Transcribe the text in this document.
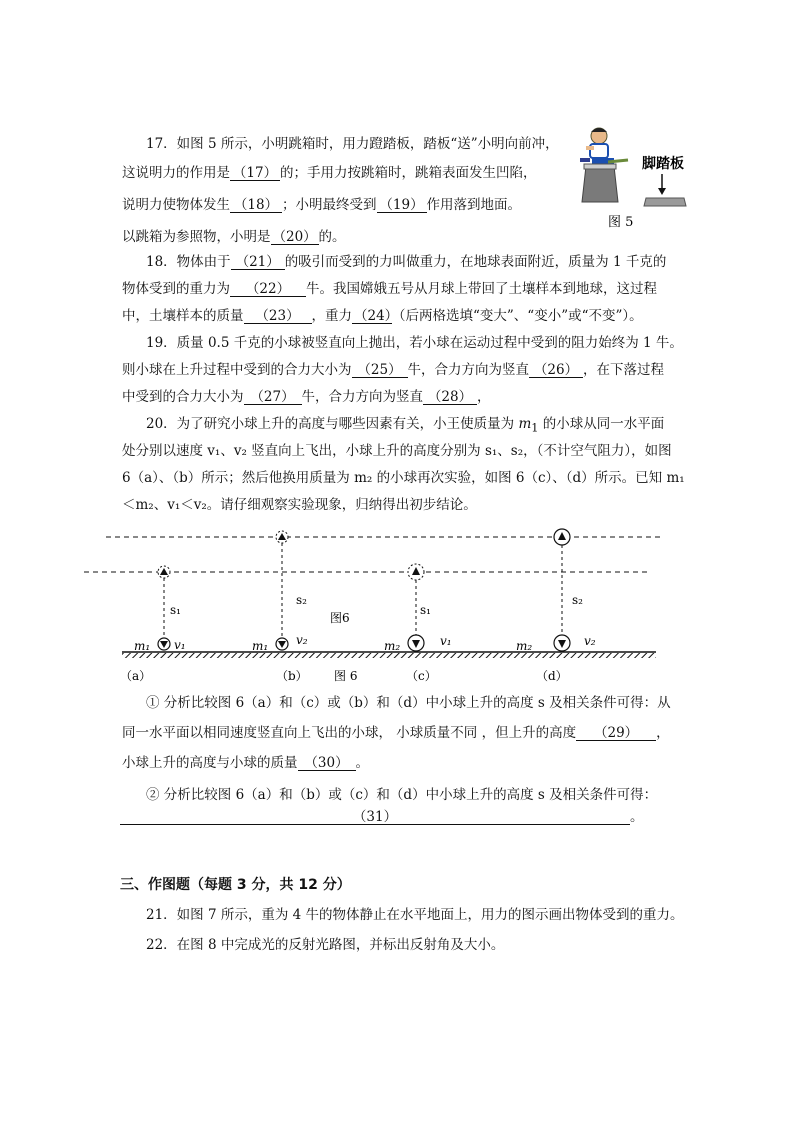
17．如图 5 所示，小明跳箱时，用力蹬踏板，踏板“送”小明向前冲，
这说明力的作用是 （17） 的；手用力按跳箱时，跳箱表面发生凹陷，
说明力使物体发生 （18） ；小明最终受到 （19） 作用落到地面。
以跳箱为参照物，小明是 （20） 的。
脚踏板
图 5
18．物体由于 （21） 的吸引而受到的力叫做重力，在地球表面附近，质量为 1 千克的
物体受到的重力为 （22） 牛。我国嫦娥五号从月球上带回了土壤样本到地球，这过程
中，土壤样本的质量 （23） ，重力 （24）（后两格选填“变大”、“变小”或“不变”）。
19．质量 0.5 千克的小球被竖直向上抛出，若小球在运动过程中受到的阻力始终为 1 牛。
则小球在上升过程中受到的合力大小为 （25） 牛，合力方向为竖直 （26） ，在下落过程
中受到的合力大小为 （27） 牛，合力方向为竖直 （28） ，
20．为了研究小球上升的高度与哪些因素有关，小王使质量为 $m_1$ 的小球从同一水平面
处分别以速度 v₁、v₂ 竖直向上飞出，小球上升的高度分别为 s₁、s₂，（不计空气阻力），如图
6（a）、（b）所示；然后他换用质量为 m₂ 的小球再次实验，如图 6（c）、（d）所示。已知 m₁
＜m₂、v₁＜v₂。请仔细观察实验现象，归纳得出初步结论。
s₁
m₁ v₁
s₂
m₁ v₂
图6
s₁
m₂	v₁
s₂
m₂	v₂
（a）	（b） 图 6	（c）	（d）
① 分析比较图 6（a）和（c）或（b）和（d）中小球上升的高度 s 及相关条件可得：从
同一水平面以相同速度竖直向上飞出的小球， 小球质量不同 ，但上升的高度 （29） ，
小球上升的高度与小球的质量 （30） 。
② 分析比较图 6（a）和（b）或（c）和（d）中小球上升的高度 s 及相关条件可得：
（31）	。
三、作图题（每题 3 分，共 12 分）
21．如图 7 所示，重为 4 牛的物体静止在水平地面上，用力的图示画出物体受到的重力。
22．在图 8 中完成光的反射光路图，并标出反射角及大小。
